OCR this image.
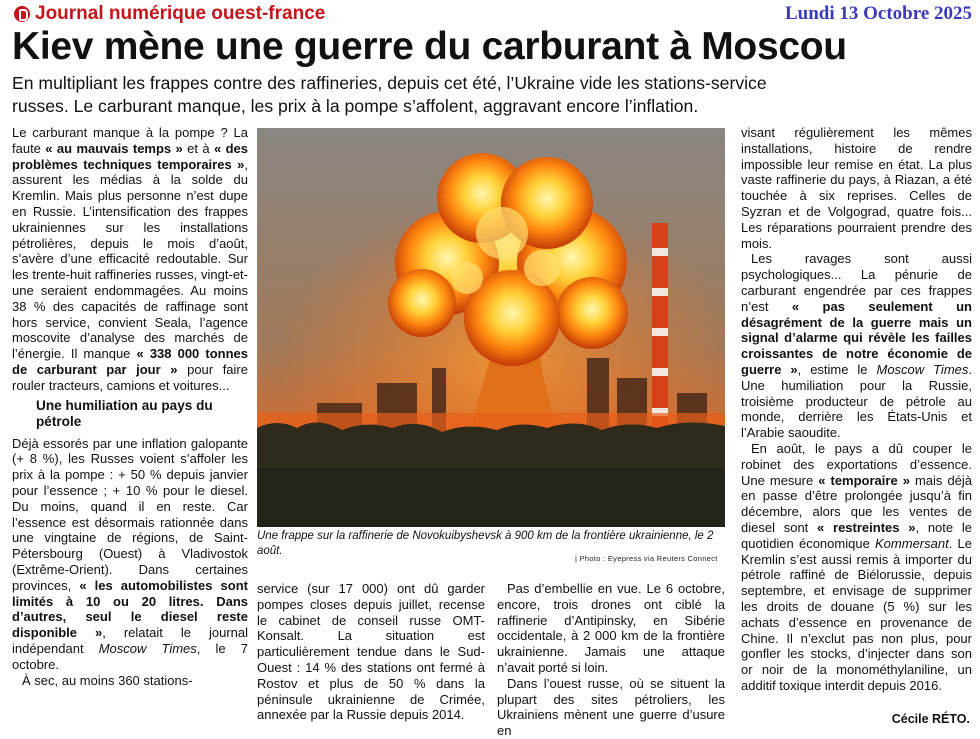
Journal numérique ouest-france	Lundi 13 Octobre 2025
Kiev mène une guerre du carburant à Moscou
En multipliant les frappes contre des raffineries, depuis cet été, l’Ukraine vide les stations-service
russes. Le carburant manque, les prix à la pompe s’affolent, aggravant encore l’inflation.

Le carburant manque à la pompe ? La faute « au mauvais temps » et à « des problèmes techniques temporaires », assurent les médias à la solde du Kremlin. Mais plus personne n’est dupe en Russie. L’intensification des frappes ukrainiennes sur les installations pétrolières, depuis le mois d’août, s’avère d’une efficacité redoutable. Sur les trente-huit raffineries russes, vingt-et-une seraient endommagées. Au moins 38 % des capacités de raffinage sont hors service, convient Seala, l’agence moscovite d’analyse des marchés de l’énergie. Il manque « 338 000 tonnes de carburant par jour » pour faire rouler tracteurs, camions et voitures...

Une humiliation au pays du pétrole

Déjà essorés par une inflation galopante (+ 8 %), les Russes voient s’affoler les prix à la pompe : + 50 % depuis janvier pour l’essence ; + 10 % pour le diesel. Du moins, quand il en reste. Car l’essence est désormais rationnée dans une vingtaine de régions, de Saint-Pétersbourg (Ouest) à Vladivostok (Extrême-Orient). Dans certaines provinces, « les automobilistes sont limités à 10 ou 20 litres. Dans d’autres, seul le diesel reste disponible », relatait le journal indépendant Moscow Times, le 7 octobre.

À sec, au moins 360 stations-

Une frappe sur la raffinerie de Novokuibyshevsk à 900 km de la frontière ukrainienne, le 2 août.
| Photo : Eyepress via Reuters Connect

service (sur 17 000) ont dû garder pompes closes depuis juillet, recense le cabinet de conseil russe OMT-Konsalt. La situation est particulièrement tendue dans le Sud-Ouest : 14 % des stations ont fermé à Rostov et plus de 50 % dans la péninsule ukrainienne de Crimée, annexée par la Russie depuis 2014.

Pas d’embellie en vue. Le 6 octobre, encore, trois drones ont ciblé la raffinerie d’Antipinsky, en Sibérie occidentale, à 2 000 km de la frontière ukrainienne. Jamais une attaque n’avait porté si loin.

Dans l’ouest russe, où se situent la plupart des sites pétroliers, les Ukrainiens mènent une guerre d’usure en

visant régulièrement les mêmes installations, histoire de rendre impossible leur remise en état. La plus vaste raffinerie du pays, à Riazan, a été touchée à six reprises. Celles de Syzran et de Volgograd, quatre fois... Les réparations pourraient prendre des mois.

Les ravages sont aussi psychologiques... La pénurie de carburant engendrée par ces frappes n’est « pas seulement un désagrément de la guerre mais un signal d’alarme qui révèle les failles croissantes de notre économie de guerre », estime le Moscow Times. Une humiliation pour la Russie, troisième producteur de pétrole au monde, derrière les États-Unis et l’Arabie saoudite.

En août, le pays a dû couper le robinet des exportations d’essence. Une mesure « temporaire » mais déjà en passe d’être prolongée jusqu’à fin décembre, alors que les ventes de diesel sont « restreintes », note le quotidien économique Kommersant. Le Kremlin s’est aussi remis à importer du pétrole raffiné de Biélorussie, depuis septembre, et envisage de supprimer les droits de douane (5 %) sur les achats d’essence en provenance de Chine. Il n’exclut pas non plus, pour gonfler les stocks, d’injecter dans son or noir de la monométhylaniline, un additif toxique interdit depuis 2016.

Cécile RÉTO.
